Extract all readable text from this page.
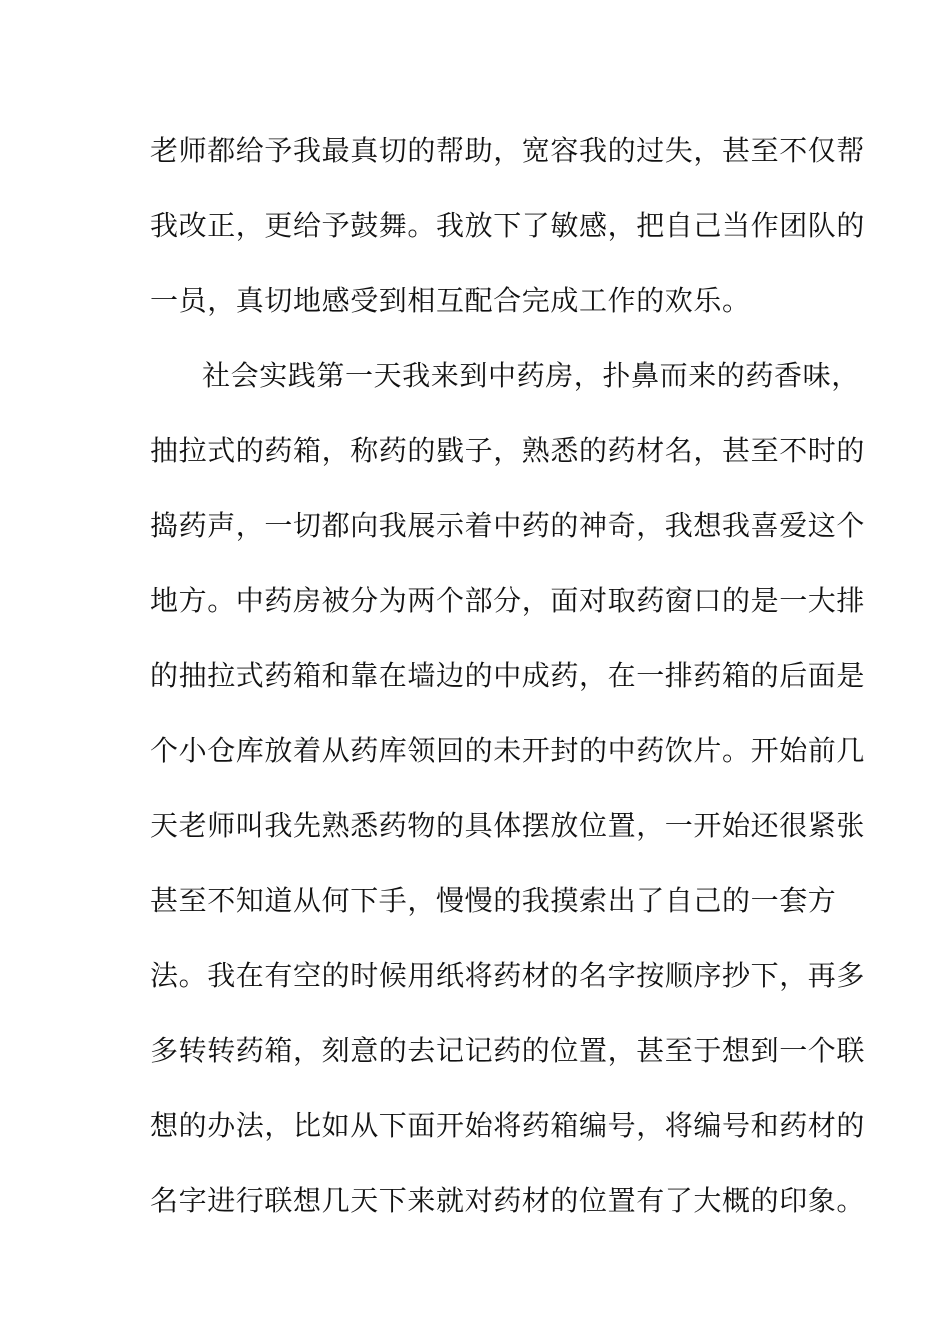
老师都给予我最真切的帮助，宽容我的过失，甚至不仅帮
我改正，更给予鼓舞。我放下了敏感，把自己当作团队的
一员，真切地感受到相互配合完成工作的欢乐。
社会实践第一天我来到中药房，扑鼻而来的药香味，
抽拉式的药箱，称药的戥子，熟悉的药材名，甚至不时的
捣药声，一切都向我展示着中药的神奇，我想我喜爱这个
地方。中药房被分为两个部分，面对取药窗口的是一大排
的抽拉式药箱和靠在墙边的中成药，在一排药箱的后面是
个小仓库放着从药库领回的未开封的中药饮片。开始前几
天老师叫我先熟悉药物的具体摆放位置，一开始还很紧张
甚至不知道从何下手，慢慢的我摸索出了自己的一套方
法。我在有空的时候用纸将药材的名字按顺序抄下，再多
多转转药箱，刻意的去记记药的位置，甚至于想到一个联
想的办法，比如从下面开始将药箱编号，将编号和药材的
名字进行联想几天下来就对药材的位置有了大概的印象。
